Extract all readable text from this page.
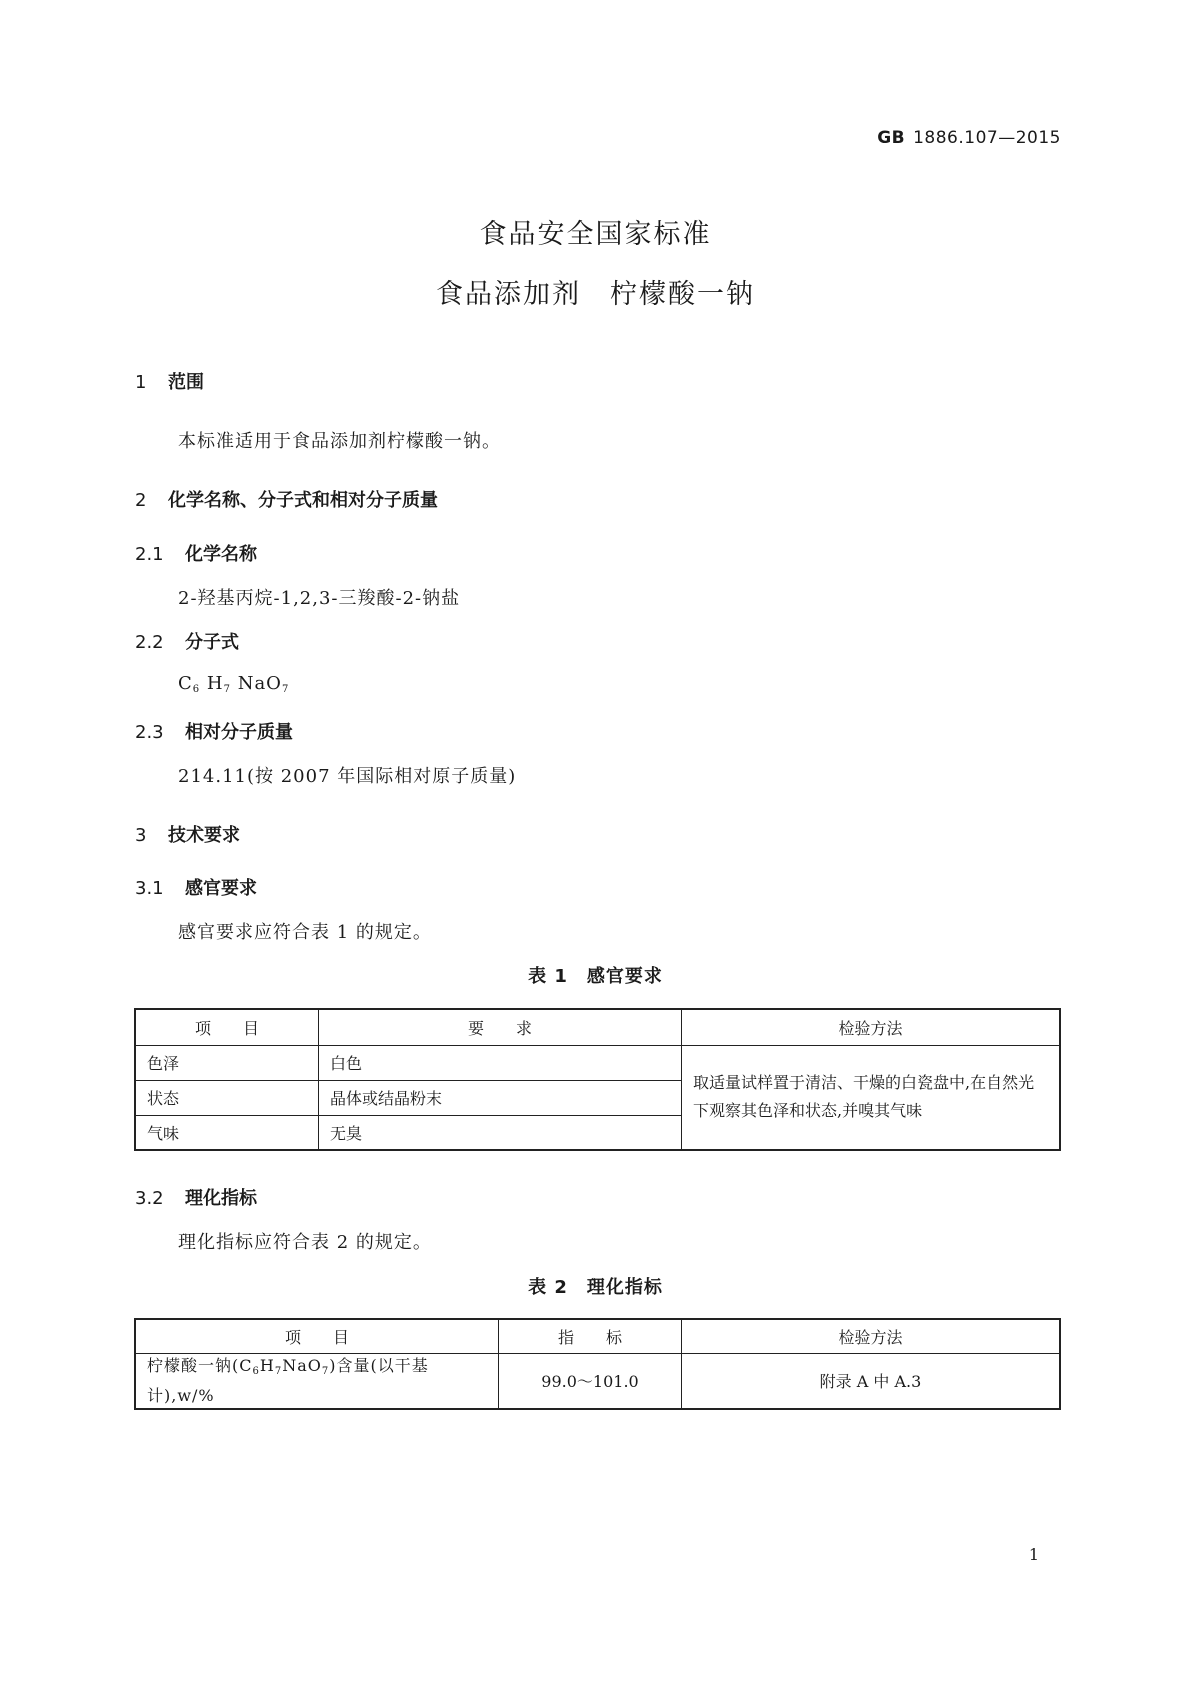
GB 1886.107—2015
食品安全国家标准
食品添加剂　柠檬酸一钠
1 范围
本标准适用于食品添加剂柠檬酸一钠。
2 化学名称、分子式和相对分子质量
2.1 化学名称
2-羟基丙烷-1,2,3-三羧酸-2-钠盐
2.2 分子式
$C_6$ $H_7$ NaO$_7$
2.3 相对分子质量
214.11(按 2007 年国际相对原子质量)
3 技术要求
3.1 感官要求
感官要求应符合表 1 的规定。
表 1　感官要求
项　　目	要　　求	检验方法
色泽	白色	取适量试样置于清洁、干燥的白瓷盘中,在自然光下观察其色泽和状态,并嗅其气味
状态	晶体或结晶粉末	
气味	无臭	
3.2 理化指标
理化指标应符合表 2 的规定。
表 2　理化指标
项　　目	指　　标	检验方法
柠檬酸一钠$(C_6H_7NaO_7)$含量(以干基计),w/%	99.0～101.0	附录 A 中 A.3
1
